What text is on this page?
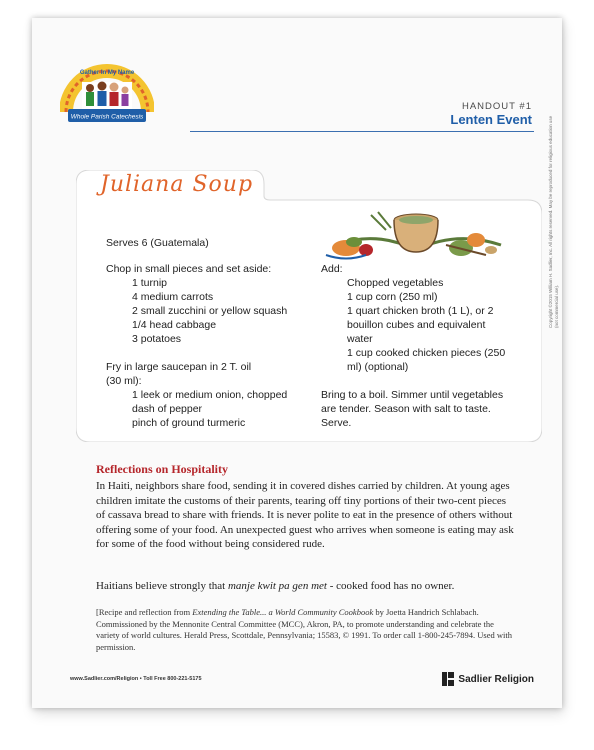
Whole Parish Catechesis
Gather In My Name
HANDOUT #1
Lenten Event
Juliana Soup
Serves 6 (Guatemala)
Chop in small pieces and set aside:
1 turnip
4 medium carrots
2 small zucchini or yellow squash
1/4 head cabbage
3 potatoes

Fry in large saucepan in 2 T. oil
(30 ml):
1 leek or medium onion, chopped
dash of pepper
pinch of ground turmeric
Add:
Chopped vegetables
1 cup corn (250 ml)
1 quart chicken broth (1 L), or 2
bouillon cubes and equivalent water
1 cup cooked chicken pieces (250
ml) (optional)

Bring to a boil. Simmer until vegetables
are tender. Season with salt to taste.
Serve.
Reflections on Hospitality

In Haiti, neighbors share food, sending it in covered dishes carried by children. At young ages children imitate the customs of their parents, tearing off tiny portions of their two-cent pieces of cassava bread to share with friends. It is never polite to eat in the presence of others without offering some of your food. An unexpected guest who arrives when someone is eating may ask for some of the food without being considered rude.

Haitians believe strongly that manje kwit pa gen met - cooked food has no owner.

[Recipe and reflection from Extending the Table... a World Community Cookbook by Joetta Handrich Schlabach. Commissioned by the Mennonite Central Committee (MCC), Akron, PA, to promote understanding and celebrate the variety of world cultures. Herald Press, Scottdale, Pennsylvania; 15583, © 1991. To order call 1-800-245-7894. Used with permission.

Copyright ©2015 William H. Sadlier, Inc. All rights reserved. May be reproduced for religious education use (not commercial use).
www.Sadlier.com/Religion • Toll Free 800-221-5175	Sadlier Religion
